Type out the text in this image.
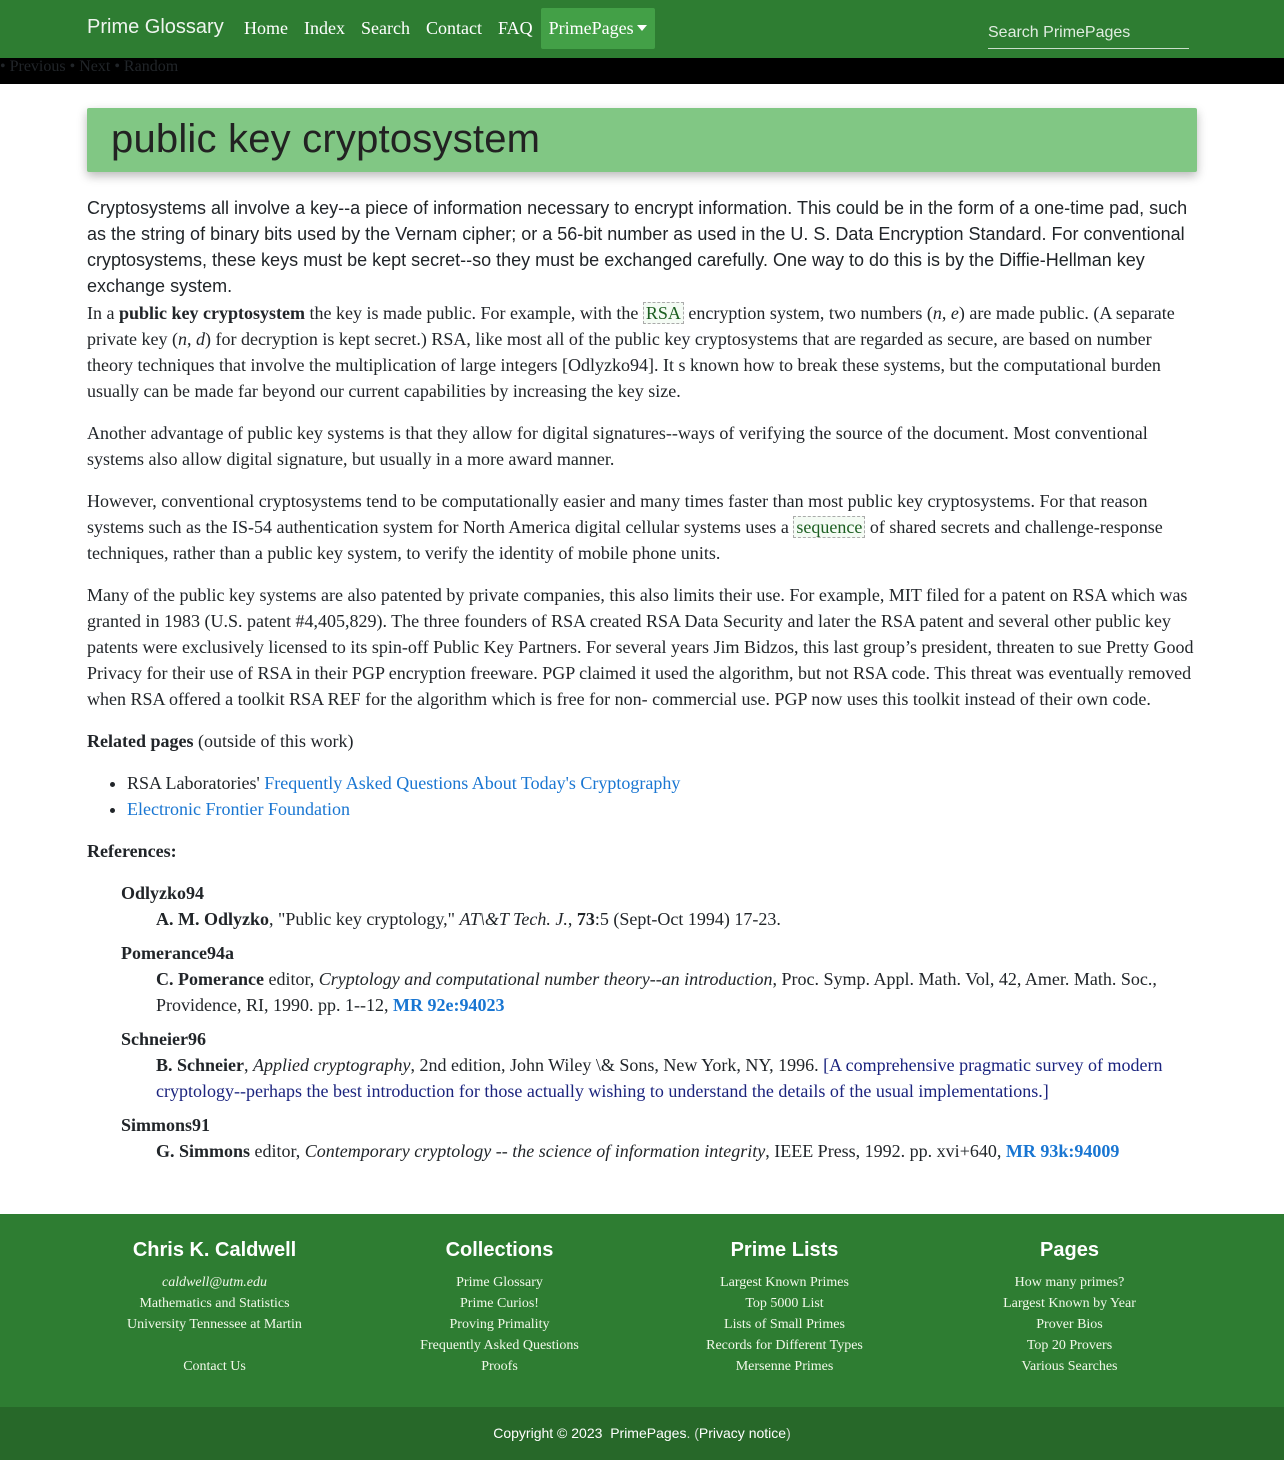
Prime Glossary	Home Index Search Contact FAQ PrimePages
Search PrimePages
• Previous • Next • Random
public key cryptosystem

Cryptosystems all involve a key--a piece of information necessary to encrypt information. This could be in the form of a one-time pad, such as the string of binary bits used by the Vernam cipher; or a 56-bit number as used in the U. S. Data Encryption Standard. For conventional cryptosystems, these keys must be kept secret--so they must be exchanged carefully. One way to do this is by the Diffie-Hellman key exchange system.

In a public key cryptosystem the key is made public. For example, with the RSA encryption system, two numbers (n, e) are made public. (A separate private key (n, d) for decryption is kept secret.) RSA, like most all of the public key cryptosystems that are regarded as secure, are based on number theory techniques that involve the multiplication of large integers [Odlyzko94]. It s known how to break these systems, but the computational burden usually can be made far beyond our current capabilities by increasing the key size.

Another advantage of public key systems is that they allow for digital signatures--ways of verifying the source of the document. Most conventional systems also allow digital signature, but usually in a more award manner.

However, conventional cryptosystems tend to be computationally easier and many times faster than most public key cryptosystems. For that reason systems such as the IS-54 authentication system for North America digital cellular systems uses a sequence of shared secrets and challenge-response techniques, rather than a public key system, to verify the identity of mobile phone units.

Many of the public key systems are also patented by private companies, this also limits their use. For example, MIT filed for a patent on RSA which was granted in 1983 (U.S. patent #4,405,829). The three founders of RSA created RSA Data Security and later the RSA patent and several other public key patents were exclusively licensed to its spin-off Public Key Partners. For several years Jim Bidzos, this last group’s president, threaten to sue Pretty Good Privacy for their use of RSA in their PGP encryption freeware. PGP claimed it used the algorithm, but not RSA code. This threat was eventually removed when RSA offered a toolkit RSA REF for the algorithm which is free for non- commercial use. PGP now uses this toolkit instead of their own code.

Related pages (outside of this work)

• RSA Laboratories' Frequently Asked Questions About Today's Cryptography
• Electronic Frontier Foundation
References:
Odlyzko94
A. M. Odlyzko, "Public key cryptology," AT\&T Tech. J., 73:5 (Sept-Oct 1994) 17-23.
Pomerance94a
C. Pomerance editor, Cryptology and computational number theory--an introduction, Proc. Symp. Appl. Math. Vol, 42, Amer. Math. Soc., Providence, RI, 1990. pp. 1--12, MR 92e:94023
Schneier96
B. Schneier, Applied cryptography, 2nd edition, John Wiley \& Sons, New York, NY, 1996. [A comprehensive pragmatic survey of modern cryptology--perhaps the best introduction for those actually wishing to understand the details of the usual implementations.]
Simmons91
G. Simmons editor, Contemporary cryptology -- the science of information integrity, IEEE Press, 1992. pp. xvi+640, MR 93k:94009
Chris K. Caldwell
caldwell@utm.edu
Mathematics and Statistics
University Tennessee at Martin
Contact Us
Collections
Prime Glossary
Prime Curios!
Proving Primality
Frequently Asked Questions
Proofs
Prime Lists
Largest Known Primes
Top 5000 List
Lists of Small Primes
Records for Different Types
Mersenne Primes
Pages
How many primes?
Largest Known by Year
Prover Bios
Top 20 Provers
Various Searches
Copyright © 2023 PrimePages. (Privacy notice)
